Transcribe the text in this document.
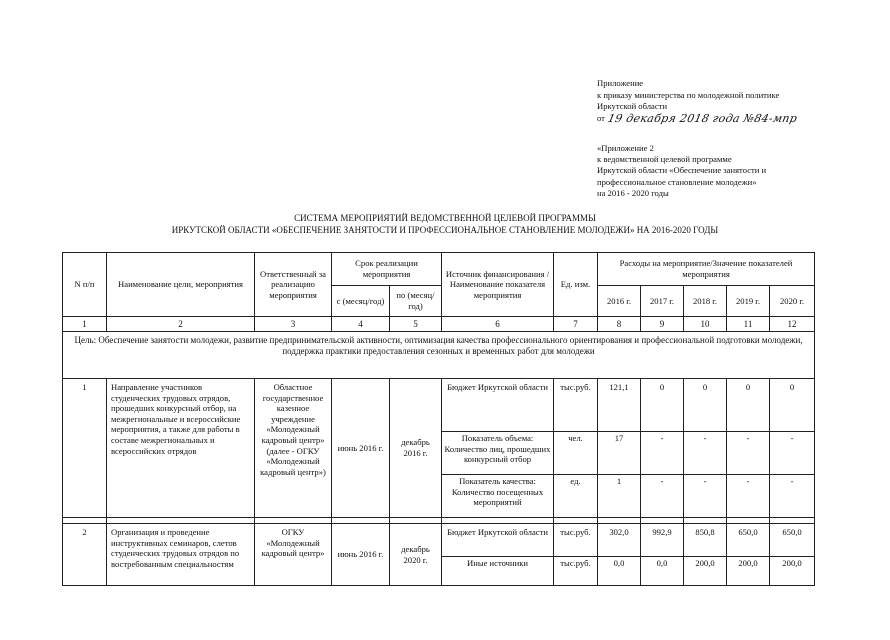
Приложение
к приказу министерства по молодежной политике
Иркутской области
от 19 декабря 2018 года №84-мпр
«Приложение 2
к ведомственной целевой программе
Иркутской области «Обеспечение занятости и
профессиональное становление молодежи»
на 2016 - 2020 годы
СИСТЕМА МЕРОПРИЯТИЙ ВЕДОМСТВЕННОЙ ЦЕЛЕВОЙ ПРОГРАММЫ
ИРКУТСКОЙ ОБЛАСТИ «ОБЕСПЕЧЕНИЕ ЗАНЯТОСТИ И ПРОФЕССИОНАЛЬНОЕ СТАНОВЛЕНИЕ МОЛОДЕЖИ» НА 2016-2020 ГОДЫ
N п/п	Наименование цели, мероприятия	Ответственный за реализацию мероприятия	Срок реализации мероприятия		Источник финансирования / Наименование показателя мероприятия	Ед. изм.	Расходы на мероприятие/Значение показателей мероприятия				
			с (месяц/год)	по (месяц/год)			2016 г.	2017 г.	2018 г.	2019 г.	2020 г.
1	2	3	4	5	6	7	8	9	10	11	12
Цель: Обеспечение занятости молодежи, развитие предпринимательской активности, оптимизация качества профессионального ориентирования и профессиональной подготовки молодежи, поддержка практики предоставления сезонных и временных работ для молодежи											
1	Направление участников студенческих трудовых отрядов, прошедших конкурсный отбор, на межрегиональные и всероссийские мероприятия, а также для работы в составе межрегиональных и всероссийских отрядов	Областное государственное казенное учреждение «Молодежный кадровый центр» (далее - ОГКУ «Молодежный кадровый центр»)	июнь 2016 г.	декабрь 2016 г.	Бюджет Иркутской области	тыс.руб.	121,1	0	0	0	0
					Показатель объема: Количество лиц, прошедших конкурсный отбор	чел.	17	-	-	-	-
					Показатель качества: Количество посещенных мероприятий	ед.	1	-	-	-	-

2	Организация и проведение инструктивных семинаров, слетов студенческих трудовых отрядов по востребованным специальностям	ОГКУ «Молодежный кадровый центр»	июнь 2016 г.	декабрь 2020 г.	Бюджет Иркутской области	тыс.руб.	302,0	992,9	850,8	650,0	650,0
					Иные источники	тыс.руб.	0,0	0,0	200,0	200,0	200,0
